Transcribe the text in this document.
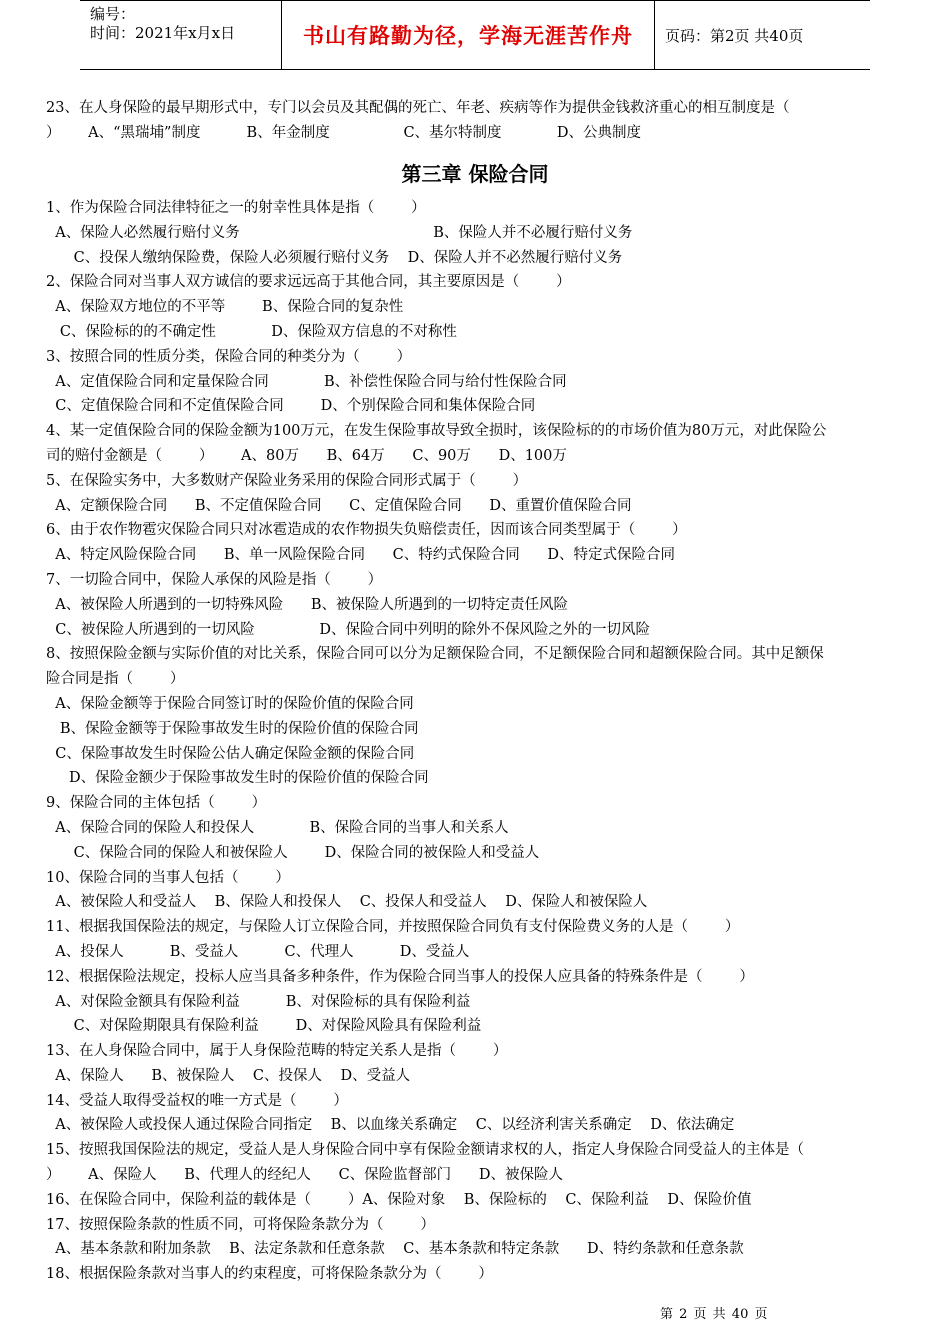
编号：
时间：2021年x月x日	书山有路勤为径，学海无涯苦作舟	页码：第2页 共40页
23、在人身保险的最早期形式中，专门以会员及其配偶的死亡、年老、疾病等作为提供金钱救济重心的相互制度是（
）      A、“黑瑞埔”制度          B、年金制度                C、基尔特制度            D、公典制度
第三章 保险合同
1、作为保险合同法律特征之一的射幸性具体是指（        ）
A、保险人必然履行赔付义务                                          B、保险人并不必履行赔付义务
C、投保人缴纳保险费，保险人必须履行赔付义务    D、保险人并不必然履行赔付义务
2、保险合同对当事人双方诚信的要求远远高于其他合同，其主要原因是（        ）
A、保险双方地位的不平等        B、保险合同的复杂性
C、保险标的的不确定性            D、保险双方信息的不对称性
3、按照合同的性质分类，保险合同的种类分为（        ）
A、定值保险合同和定量保险合同            B、补偿性保险合同与给付性保险合同
C、定值保险合同和不定值保险合同        D、个别保险合同和集体保险合同
4、某一定值保险合同的保险金额为100万元，在发生保险事故导致全损时，该保险标的的市场价值为80万元，对此保险公
司的赔付金额是（        ）      A、80万      B、64万      C、90万      D、100万
5、在保险实务中，大多数财产保险业务采用的保险合同形式属于（        ）
A、定额保险合同      B、不定值保险合同      C、定值保险合同      D、重置价值保险合同
6、由于农作物雹灾保险合同只对冰雹造成的农作物损失负赔偿责任，因而该合同类型属于（        ）
A、特定风险保险合同      B、单一风险保险合同      C、特约式保险合同      D、特定式保险合同
7、一切险合同中，保险人承保的风险是指（        ）
A、被保险人所遇到的一切特殊风险      B、被保险人所遇到的一切特定责任风险
C、被保险人所遇到的一切风险              D、保险合同中列明的除外不保风险之外的一切风险
8、按照保险金额与实际价值的对比关系，保险合同可以分为足额保险合同，不足额保险合同和超额保险合同。其中足额保
险合同是指（        ）
A、保险金额等于保险合同签订时的保险价值的保险合同
B、保险金额等于保险事故发生时的保险价值的保险合同
C、保险事故发生时保险公估人确定保险金额的保险合同
D、保险金额少于保险事故发生时的保险价值的保险合同
9、保险合同的主体包括（        ）
A、保险合同的保险人和投保人            B、保险合同的当事人和关系人
C、保险合同的保险人和被保险人        D、保险合同的被保险人和受益人
10、保险合同的当事人包括（        ）
A、被保险人和受益人    B、保险人和投保人    C、投保人和受益人    D、保险人和被保险人
11、根据我国保险法的规定，与保险人订立保险合同，并按照保险合同负有支付保险费义务的人是（        ）
A、投保人          B、受益人          C、代理人          D、受益人
12、根据保险法规定，投标人应当具备多种条件，作为保险合同当事人的投保人应具备的特殊条件是（        ）
A、对保险金额具有保险利益          B、对保险标的具有保险利益
C、对保险期限具有保险利益        D、对保险风险具有保险利益
13、在人身保险合同中，属于人身保险范畴的特定关系人是指（        ）
A、保险人      B、被保险人    C、投保人    D、受益人
14、受益人取得受益权的唯一方式是（        ）
A、被保险人或投保人通过保险合同指定    B、以血缘关系确定    C、以经济利害关系确定    D、依法确定
15、按照我国保险法的规定，受益人是人身保险合同中享有保险金额请求权的人，指定人身保险合同受益人的主体是（
）      A、保险人      B、代理人的经纪人      C、保险监督部门      D、被保险人
16、在保险合同中，保险利益的载体是（        ）A、保险对象    B、保险标的    C、保险利益    D、保险价值
17、按照保险条款的性质不同，可将保险条款分为（        ）
A、基本条款和附加条款    B、法定条款和任意条款    C、基本条款和特定条款      D、特约条款和任意条款
18、根据保险条款对当事人的约束程度，可将保险条款分为（        ）
第 2 页 共 40 页
